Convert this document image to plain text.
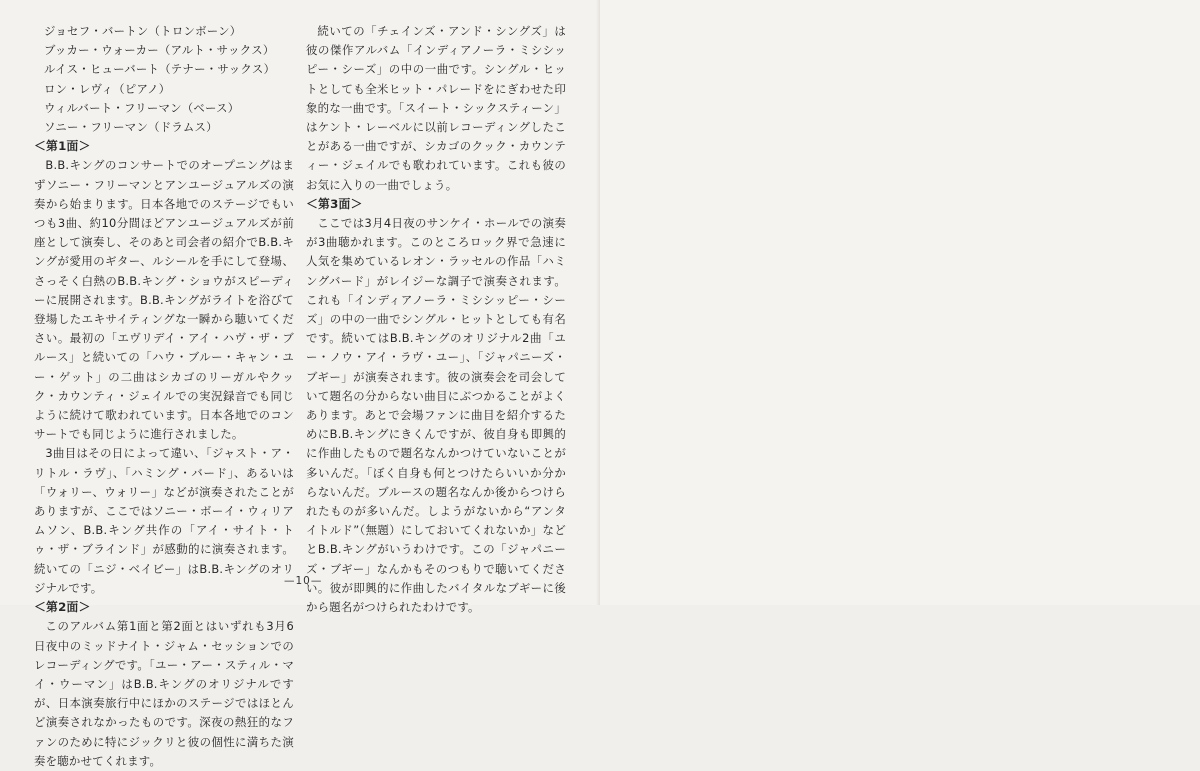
ジョセフ・バートン（トロンボーン）
ブッカー・ウォーカー（アルト・サックス）
ルイス・ヒューバート（テナー・サックス）
ロン・レヴィ（ピアノ）
ウィルバート・フリーマン（ベース）
ソニー・フリーマン（ドラムス）
＜第1面＞

B.B.キングのコンサートでのオープニングはまずソニー・フリーマンとアンユージュアルズの演奏から始まります。日本各地でのステージでもいつも3曲、約10分間ほどアンユージュアルズが前座として演奏し、そのあと司会者の紹介でB.B.キングが愛用のギター、ルシールを手にして登場、さっそく白熱のB.B.キング・ショウがスピーディーに展開されます。B.B.キングがライトを浴びて登場したエキサイティングな一瞬から聴いてください。最初の「エヴリデイ・アイ・ハヴ・ザ・ブルース」と続いての「ハウ・ブルー・キャン・ユー・ゲット」の二曲はシカゴのリーガルやクック・カウンティ・ジェイルでの実況録音でも同じように続けて歌われています。日本各地でのコンサートでも同じように進行されました。

3曲目はその日によって違い、「ジャスト・ア・リトル・ラヴ」、「ハミング・バード」、あるいは「ウォリー、ウォリー」などが演奏されたことがありますが、ここではソニー・ボーイ・ウィリアムソン、B.B.キング共作の「アイ・サイト・トゥ・ザ・ブラインド」が感動的に演奏されます。続いての「ニジ・ベイビー」はB.B.キングのオリジナルです。

＜第2面＞

このアルバム第1面と第2面とはいずれも3月6日夜中のミッドナイト・ジャム・セッションでのレコーディングです。「ユー・アー・スティル・マイ・ウーマン」はB.B.キングのオリジナルですが、日本演奏旅行中にほかのステージではほとんど演奏されなかったものです。深夜の熱狂的なファンのために特にジックリと彼の個性に満ちた演奏を聴かせてくれます。

続いての「チェインズ・アンド・シングズ」は彼の傑作アルバム「インディアノーラ・ミシシッピー・シーズ」の中の一曲です。シングル・ヒットとしても全米ヒット・パレードをにぎわせた印象的な一曲です。「スイート・シックスティーン」はケント・レーベルに以前レコーディングしたことがある一曲ですが、シカゴのクック・カウンティー・ジェイルでも歌われています。これも彼のお気に入りの一曲でしょう。

＜第3面＞

ここでは3月4日夜のサンケイ・ホールでの演奏が3曲聴かれます。このところロック界で急速に人気を集めているレオン・ラッセルの作品「ハミングバード」がレイジーな調子で演奏されます。これも「インディアノーラ・ミシシッピー・シーズ」の中の一曲でシングル・ヒットとしても有名です。続いてはB.B.キングのオリジナル2曲「ユー・ノウ・アイ・ラヴ・ユー」、「ジャパニーズ・ブギー」が演奏されます。彼の演奏会を司会していて題名の分からない曲目にぶつかることがよくあります。あとで会場ファンに曲目を紹介するためにB.B.キングにきくんですが、彼自身も即興的に作曲したもので題名なんかつけていないことが多いんだ。「ぼく自身も何とつけたらいいか分からないんだ。ブルースの題名なんか後からつけられたものが多いんだ。しようがないから“アンタイトルド”（無題）にしておいてくれないか」などとB.B.キングがいうわけです。この「ジャパニーズ・ブギー」なんかもそのつもりで聴いてください。彼が即興的に作曲したバイタルなブギーに後から題名がつけられたわけです。

—10—
